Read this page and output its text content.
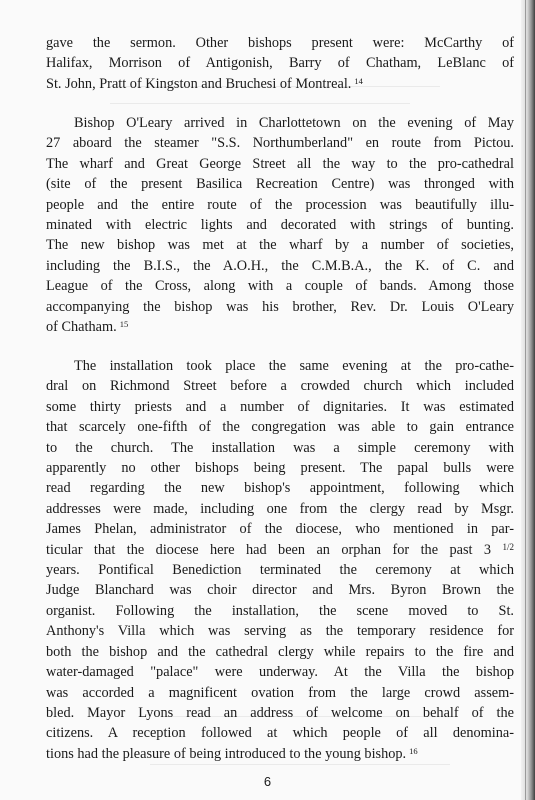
gave the sermon. Other bishops present were: McCarthy of
Halifax, Morrison of Antigonish, Barry of Chatham, LeBlanc of
St. John, Pratt of Kingston and Bruchesi of Montreal. $^{14}$
Bishop O'Leary arrived in Charlottetown on the evening of May
27 aboard the steamer "S.S. Northumberland" en route from Pictou.
The wharf and Great George Street all the way to the pro-cathedral
(site of the present Basilica Recreation Centre) was thronged with
people and the entire route of the procession was beautifully illu-
minated with electric lights and decorated with strings of bunting.
The new bishop was met at the wharf by a number of societies,
including the B.I.S., the A.O.H., the C.M.B.A., the K. of C. and
League of the Cross, along with a couple of bands. Among those
accompanying the bishop was his brother, Rev. Dr. Louis O'Leary
of Chatham. $^{15}$
The installation took place the same evening at the pro-cathe-
dral on Richmond Street before a crowded church which included
some thirty priests and a number of dignitaries. It was estimated
that scarcely one-fifth of the congregation was able to gain entrance
to the church. The installation was a simple ceremony with
apparently no other bishops being present. The papal bulls were
read regarding the new bishop's appointment, following which
addresses were made, including one from the clergy read by Msgr.
James Phelan, administrator of the diocese, who mentioned in par-
ticular that the diocese here had been an orphan for the past 3 $^{1/2}$
years. Pontifical Benediction terminated the ceremony at which
Judge Blanchard was choir director and Mrs. Byron Brown the
organist. Following the installation, the scene moved to St.
Anthony's Villa which was serving as the temporary residence for
both the bishop and the cathedral clergy while repairs to the fire and
water-damaged "palace" were underway. At the Villa the bishop
was accorded a magnificent ovation from the large crowd assem-
bled. Mayor Lyons read an address of welcome on behalf of the
citizens. A reception followed at which people of all denomina-
tions had the pleasure of being introduced to the young bishop. $^{16}$
6
